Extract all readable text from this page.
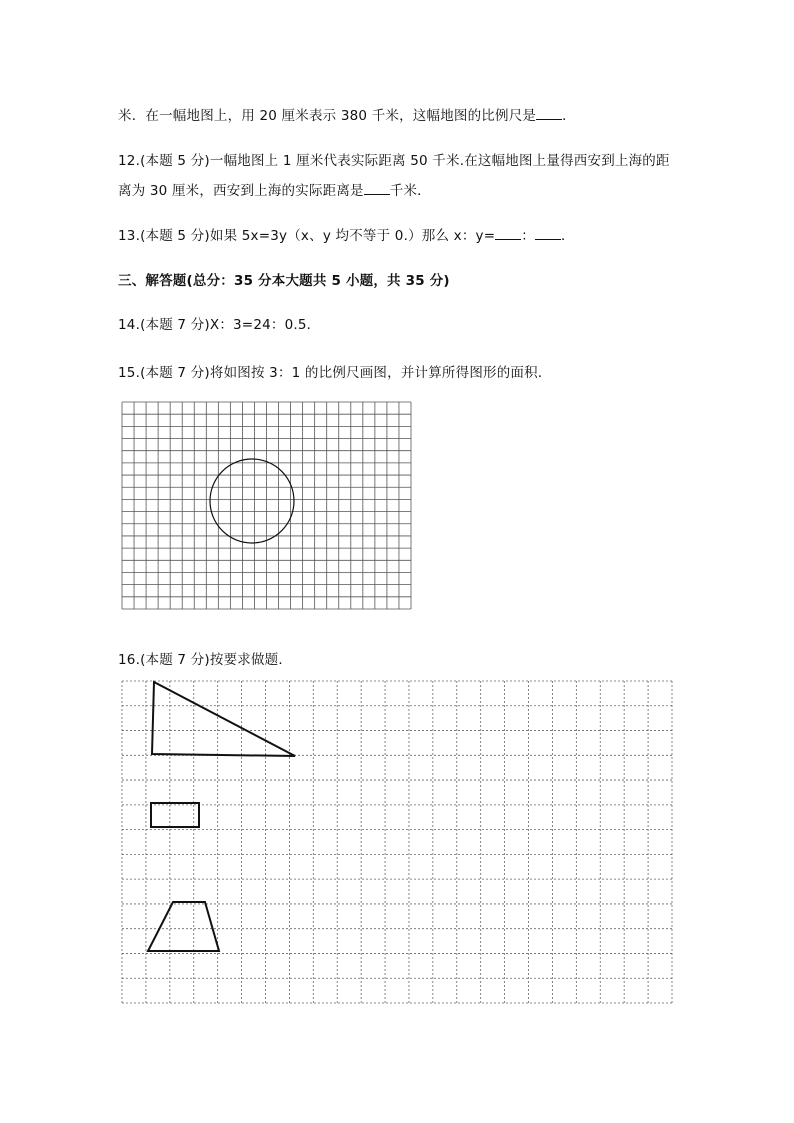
米．在一幅地图上，用 20 厘米表示 380 千米，这幅地图的比例尺是 ．
12.(本题 5 分)一幅地图上 1 厘米代表实际距离 50 千米.在这幅地图上量得西安到上海的距
离为 30 厘米，西安到上海的实际距离是 千米．
13.(本题 5 分)如果 5x=3y（x、y 均不等于 0.）那么 x：y= ： ．
三、解答题(总分：35 分本大题共 5 小题，共 35 分)
14.(本题 7 分)X：3=24：0.5．
15.(本题 7 分)将如图按 3：1 的比例尺画图，并计算所得图形的面积．
16.(本题 7 分)按要求做题．
